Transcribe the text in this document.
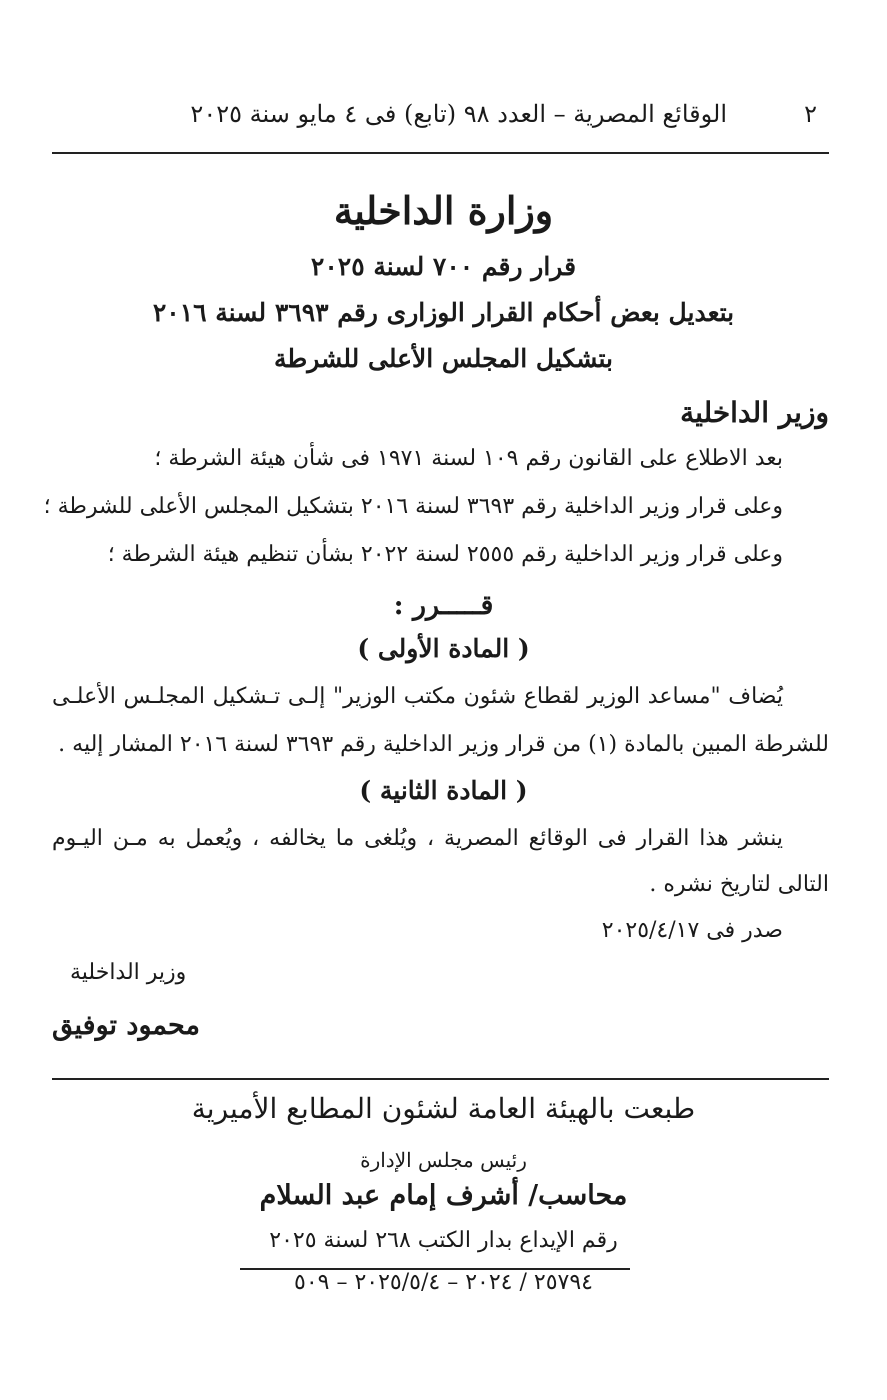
٢
الوقائع المصرية – العدد ٩٨ (تابع) فى ٤ مايو سنة ٢٠٢٥
وزارة الداخلية
قرار رقم ٧٠٠ لسنة ٢٠٢٥
بتعديل بعض أحكام القرار الوزارى رقم ٣٦٩٣ لسنة ٢٠١٦
بتشكيل المجلس الأعلى للشرطة
وزير الداخلية
بعد الاطلاع على القانون رقم ١٠٩ لسنة ١٩٧١ فى شأن هيئة الشرطة ؛
وعلى قرار وزير الداخلية رقم ٣٦٩٣ لسنة ٢٠١٦ بتشكيل المجلس الأعلى للشرطة ؛
وعلى قرار وزير الداخلية رقم ٢٥٥٥ لسنة ٢٠٢٢ بشأن تنظيم هيئة الشرطة ؛
قـــــرر :
( المادة الأولى )
يُضاف "مساعد الوزير لقطاع شئون مكتب الوزير" إلـى تـشكيل المجلـس الأعلـى
للشرطة المبين بالمادة (١) من قرار وزير الداخلية رقم ٣٦٩٣ لسنة ٢٠١٦ المشار إليه .
( المادة الثانية )
ينشر هذا القرار فى الوقائع المصرية ، ويُلغى ما يخالفه ، ويُعمل به مـن اليـوم
التالى لتاريخ نشره .
صدر فى ٢٠٢٥/٤/١٧
وزير الداخلية
محمود توفيق
طبعت بالهيئة العامة لشئون المطابع الأميرية
رئيس مجلس الإدارة
محاسب/ أشرف إمام عبد السلام
رقم الإيداع بدار الكتب ٢٦٨ لسنة ٢٠٢٥
٢٥٧٩٤ / ٢٠٢٤ – ٢٠٢٥/٥/٤ – ٥٠٩
